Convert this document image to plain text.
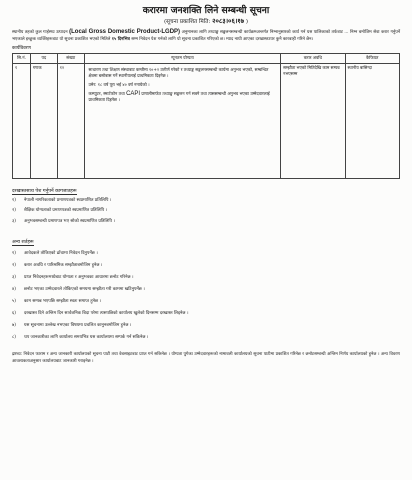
करारमा जनशक्ति लिने सम्बन्धी सूचना
(सूचना प्रकाशित मिति: २०८३।०६।१७ )

स्थानीय तहको कुल गार्हस्थ्य उत्पादन (Local Gross Domestic Product-LGDP) अनुमानका लागि तथ्याङ्क सङ्कलनसम्बन्धी कार्यक्रमअन्तर्गत निम्नानुसारको कार्य गर्न यस पालिकाको तर्फबाट ... निम्न बमोजिम सेवा करार गर्नुपर्ने भएकाले इच्छुक व्यक्तिहरूबाट यो सूचना प्रकाशित भएको मितिले १५ दिनभित्र सम्म निवेदन पेश गर्नको लागि यो सूचना प्रकाशित गरिएको छ। म्याद नाघी आएका दरखास्तउपर कुनै कारबाही गरिने छैन।

कार्यविवरण
सि.नं.	पद	संख्या	न्यूनतम योग्यता	करार अवधि	कैफियत
१	गणक	१२	साधारण तथा शिक्षण संस्थाबाट कम्तीमा १०+२ उत्तीर्ण गरेको र तथ्याङ्क सङ्कलनसम्बन्धी कार्यमा अनुभव भएको, सम्बन्धित क्षेत्रमा बसोबास गर्ने स्थानीयलाई प्राथमिकता दिइनेछ ।

उमेर: १८ वर्ष पूरा भई ४० वर्ष ननाघेको ।

कम्प्युटर, स्मार्टफोन तथा CAPI प्रणालीमार्फत तथ्याङ्क सङ्कलन गर्न सक्ने तथा त्यससम्बन्धी अनुभव भएका उम्मेदवारलाई प्राथमिकता दिइनेछ ।	सम्झौता भएको मितिदेखि काम सम्पन्न नभएसम्म	स्थानीय बासिन्दा
दरखास्तसाथ पेश गर्नुपर्ने कागजातहरू
१)	नेपाली नागरिकताको प्रमाणपत्रको स्वप्रमाणित प्रतिलिपि ।
२)	शैक्षिक योग्यताको प्रमाणपत्रको स्वप्रमाणित प्रतिलिपि ।
३)	अनुभवसम्बन्धी प्रमाणपत्र भए सोको स्वप्रमाणित प्रतिलिपि ।
अन्य शर्तहरू
१)	आवेदकले तोकिएको ढाँचामा निवेदन दिनुपर्नेछ ।
२)	करार अवधि र पारिश्रमिक सम्झौताबमोजिम हुनेछ ।
३)	प्राप्त निवेदनहरूमध्येबाट योग्यता र अनुभवका आधारमा छनोट गरिनेछ ।
४)	छनोट भएका उम्मेदवारले तोकिएको समयमा सम्झौता गरी काममा खटिनुपर्नेछ ।
५)	काम सम्पन्न भएपछि सम्झौता स्वतः समाप्त हुनेछ ।
६)	दरखास्त दिने अन्तिम दिन सार्वजनिक बिदा परेमा त्यसपछिको कार्यालय खुलेको दिनसम्म दरखास्त लिइनेछ ।
७)	यस सूचनामा उल्लेख नभएका विषयमा प्रचलित कानुनबमोजिम हुनेछ ।
८)	थप जानकारीका लागि कार्यालय समयभित्र यस कार्यालयमा सम्पर्क गर्न सकिनेछ ।

द्रष्टव्य: निवेदन फाराम र अन्य जानकारी कार्यालयको सूचना पाटी तथा वेबसाइटबाट प्राप्त गर्न सकिनेछ । योग्यता पुगेका उम्मेदवारहरूको नामावली कार्यालयको सूचना पाटीमा प्रकाशित गरिनेछ र छनोटसम्बन्धी अन्तिम निर्णय कार्यालयको हुनेछ । अन्य विवरण आवश्यकताअनुसार कार्यालयबाट जानकारी गराइनेछ ।
